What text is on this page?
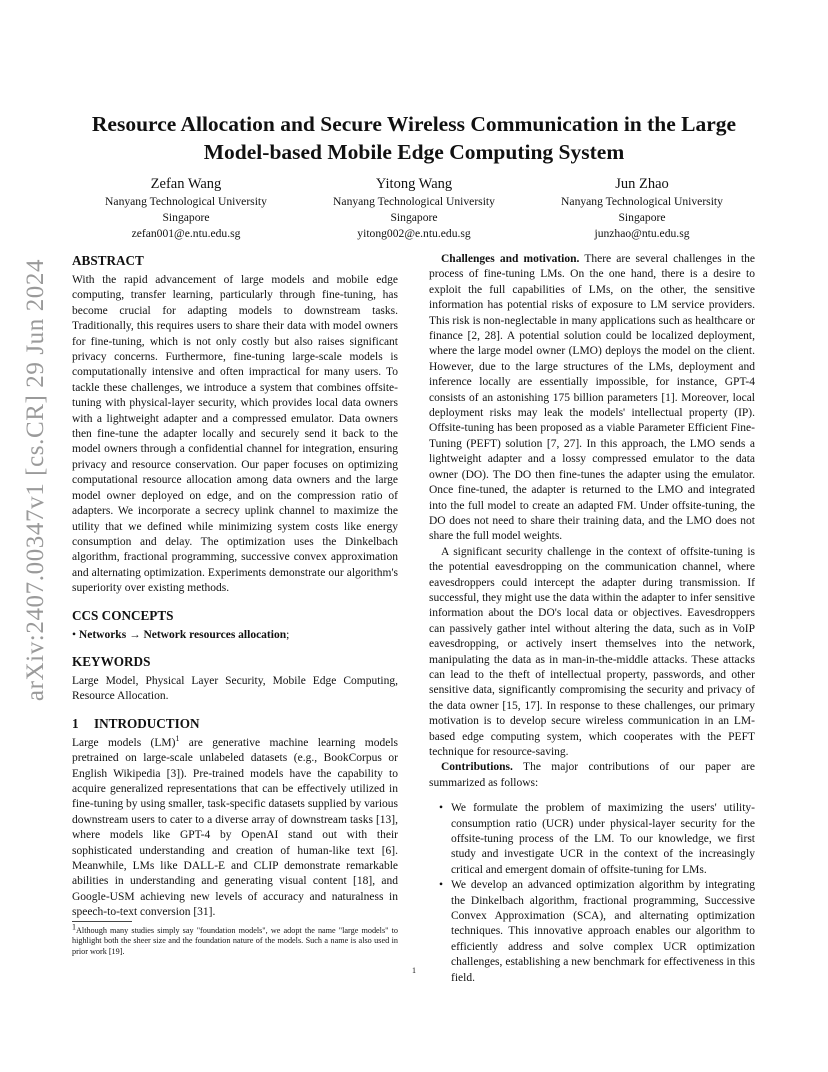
Resource Allocation and Secure Wireless Communication in the Large Model-based Mobile Edge Computing System
Zefan Wang
Nanyang Technological University
Singapore
zefan001@e.ntu.edu.sg
Yitong Wang
Nanyang Technological University
Singapore
yitong002@e.ntu.edu.sg
Jun Zhao
Nanyang Technological University
Singapore
junzhao@ntu.edu.sg
arXiv:2407.00347v1 [cs.CR] 29 Jun 2024 ABSTRACT

With the rapid advancement of large models and mobile edge computing, transfer learning, particularly through fine-tuning, has become crucial for adapting models to downstream tasks. Traditionally, this requires users to share their data with model owners for fine-tuning, which is not only costly but also raises significant privacy concerns. Furthermore, fine-tuning large-scale models is computationally intensive and often impractical for many users. To tackle these challenges, we introduce a system that combines offsite-tuning with physical-layer security, which provides local data owners with a lightweight adapter and a compressed emulator. Data owners then fine-tune the adapter locally and securely send it back to the model owners through a confidential channel for integration, ensuring privacy and resource conservation. Our paper focuses on optimizing computational resource allocation among data owners and the large model owner deployed on edge, and on the compression ratio of adapters. We incorporate a secrecy uplink channel to maximize the utility that we defined while minimizing system costs like energy consumption and delay. The optimization uses the Dinkelbach algorithm, fractional programming, successive convex approximation and alternating optimization. Experiments demonstrate our algorithm's superiority over existing methods.

CCS CONCEPTS

• Networks → Network resources allocation;

KEYWORDS

Large Model, Physical Layer Security, Mobile Edge Computing, Resource Allocation.

1 INTRODUCTION

Large models (LM)$^1$ are generative machine learning models pretrained on large-scale unlabeled datasets (e.g., BookCorpus or English Wikipedia [3]). Pre-trained models have the capability to acquire generalized representations that can be effectively utilized in fine-tuning by using smaller, task-specific datasets supplied by various downstream users to cater to a diverse array of downstream tasks [13], where models like GPT-4 by OpenAI stand out with their sophisticated understanding and creation of human-like text [6]. Meanwhile, LMs like DALL-E and CLIP demonstrate remarkable abilities in understanding and generating visual content [18], and Google-USM achieving new levels of accuracy and naturalness in speech-to-text conversion [31].

$^1$Although many studies simply say "foundation models", we adopt the name "large models" to highlight both the sheer size and the foundation nature of the models. Such a name is also used in prior work [19].

Challenges and motivation. There are several challenges in the process of fine-tuning LMs. On the one hand, there is a desire to exploit the full capabilities of LMs, on the other, the sensitive information has potential risks of exposure to LM service providers. This risk is non-neglectable in many applications such as healthcare or finance [2, 28]. A potential solution could be localized deployment, where the large model owner (LMO) deploys the model on the client. However, due to the large structures of the LMs, deployment and inference locally are essentially impossible, for instance, GPT-4 consists of an astonishing 175 billion parameters [1]. Moreover, local deployment risks may leak the models' intellectual property (IP). Offsite-tuning has been proposed as a viable Parameter Efficient Fine-Tuning (PEFT) solution [7, 27]. In this approach, the LMO sends a lightweight adapter and a lossy compressed emulator to the data owner (DO). The DO then fine-tunes the adapter using the emulator. Once fine-tuned, the adapter is returned to the LMO and integrated into the full model to create an adapted FM. Under offsite-tuning, the DO does not need to share their training data, and the LMO does not share the full model weights.

A significant security challenge in the context of offsite-tuning is the potential eavesdropping on the communication channel, where eavesdroppers could intercept the adapter during transmission. If successful, they might use the data within the adapter to infer sensitive information about the DO's local data or objectives. Eavesdroppers can passively gather intel without altering the data, such as in VoIP eavesdropping, or actively insert themselves into the network, manipulating the data as in man-in-the-middle attacks. These attacks can lead to the theft of intellectual property, passwords, and other sensitive data, significantly compromising the security and privacy of the data owner [15, 17]. In response to these challenges, our primary motivation is to develop secure wireless communication in an LM-based edge computing system, which cooperates with the PEFT technique for resource-saving.

Contributions. The major contributions of our paper are summarized as follows:

• We formulate the problem of maximizing the users' utility-consumption ratio (UCR) under physical-layer security for the offsite-tuning process of the LM. To our knowledge, we first study and investigate UCR in the context of the increasingly critical and emergent domain of offsite-tuning for LMs.
• We develop an advanced optimization algorithm by integrating the Dinkelbach algorithm, fractional programming, Successive Convex Approximation (SCA), and alternating optimization techniques. This innovative approach enables our algorithm to efficiently address and solve complex UCR optimization challenges, establishing a new benchmark for effectiveness in this field.
1
